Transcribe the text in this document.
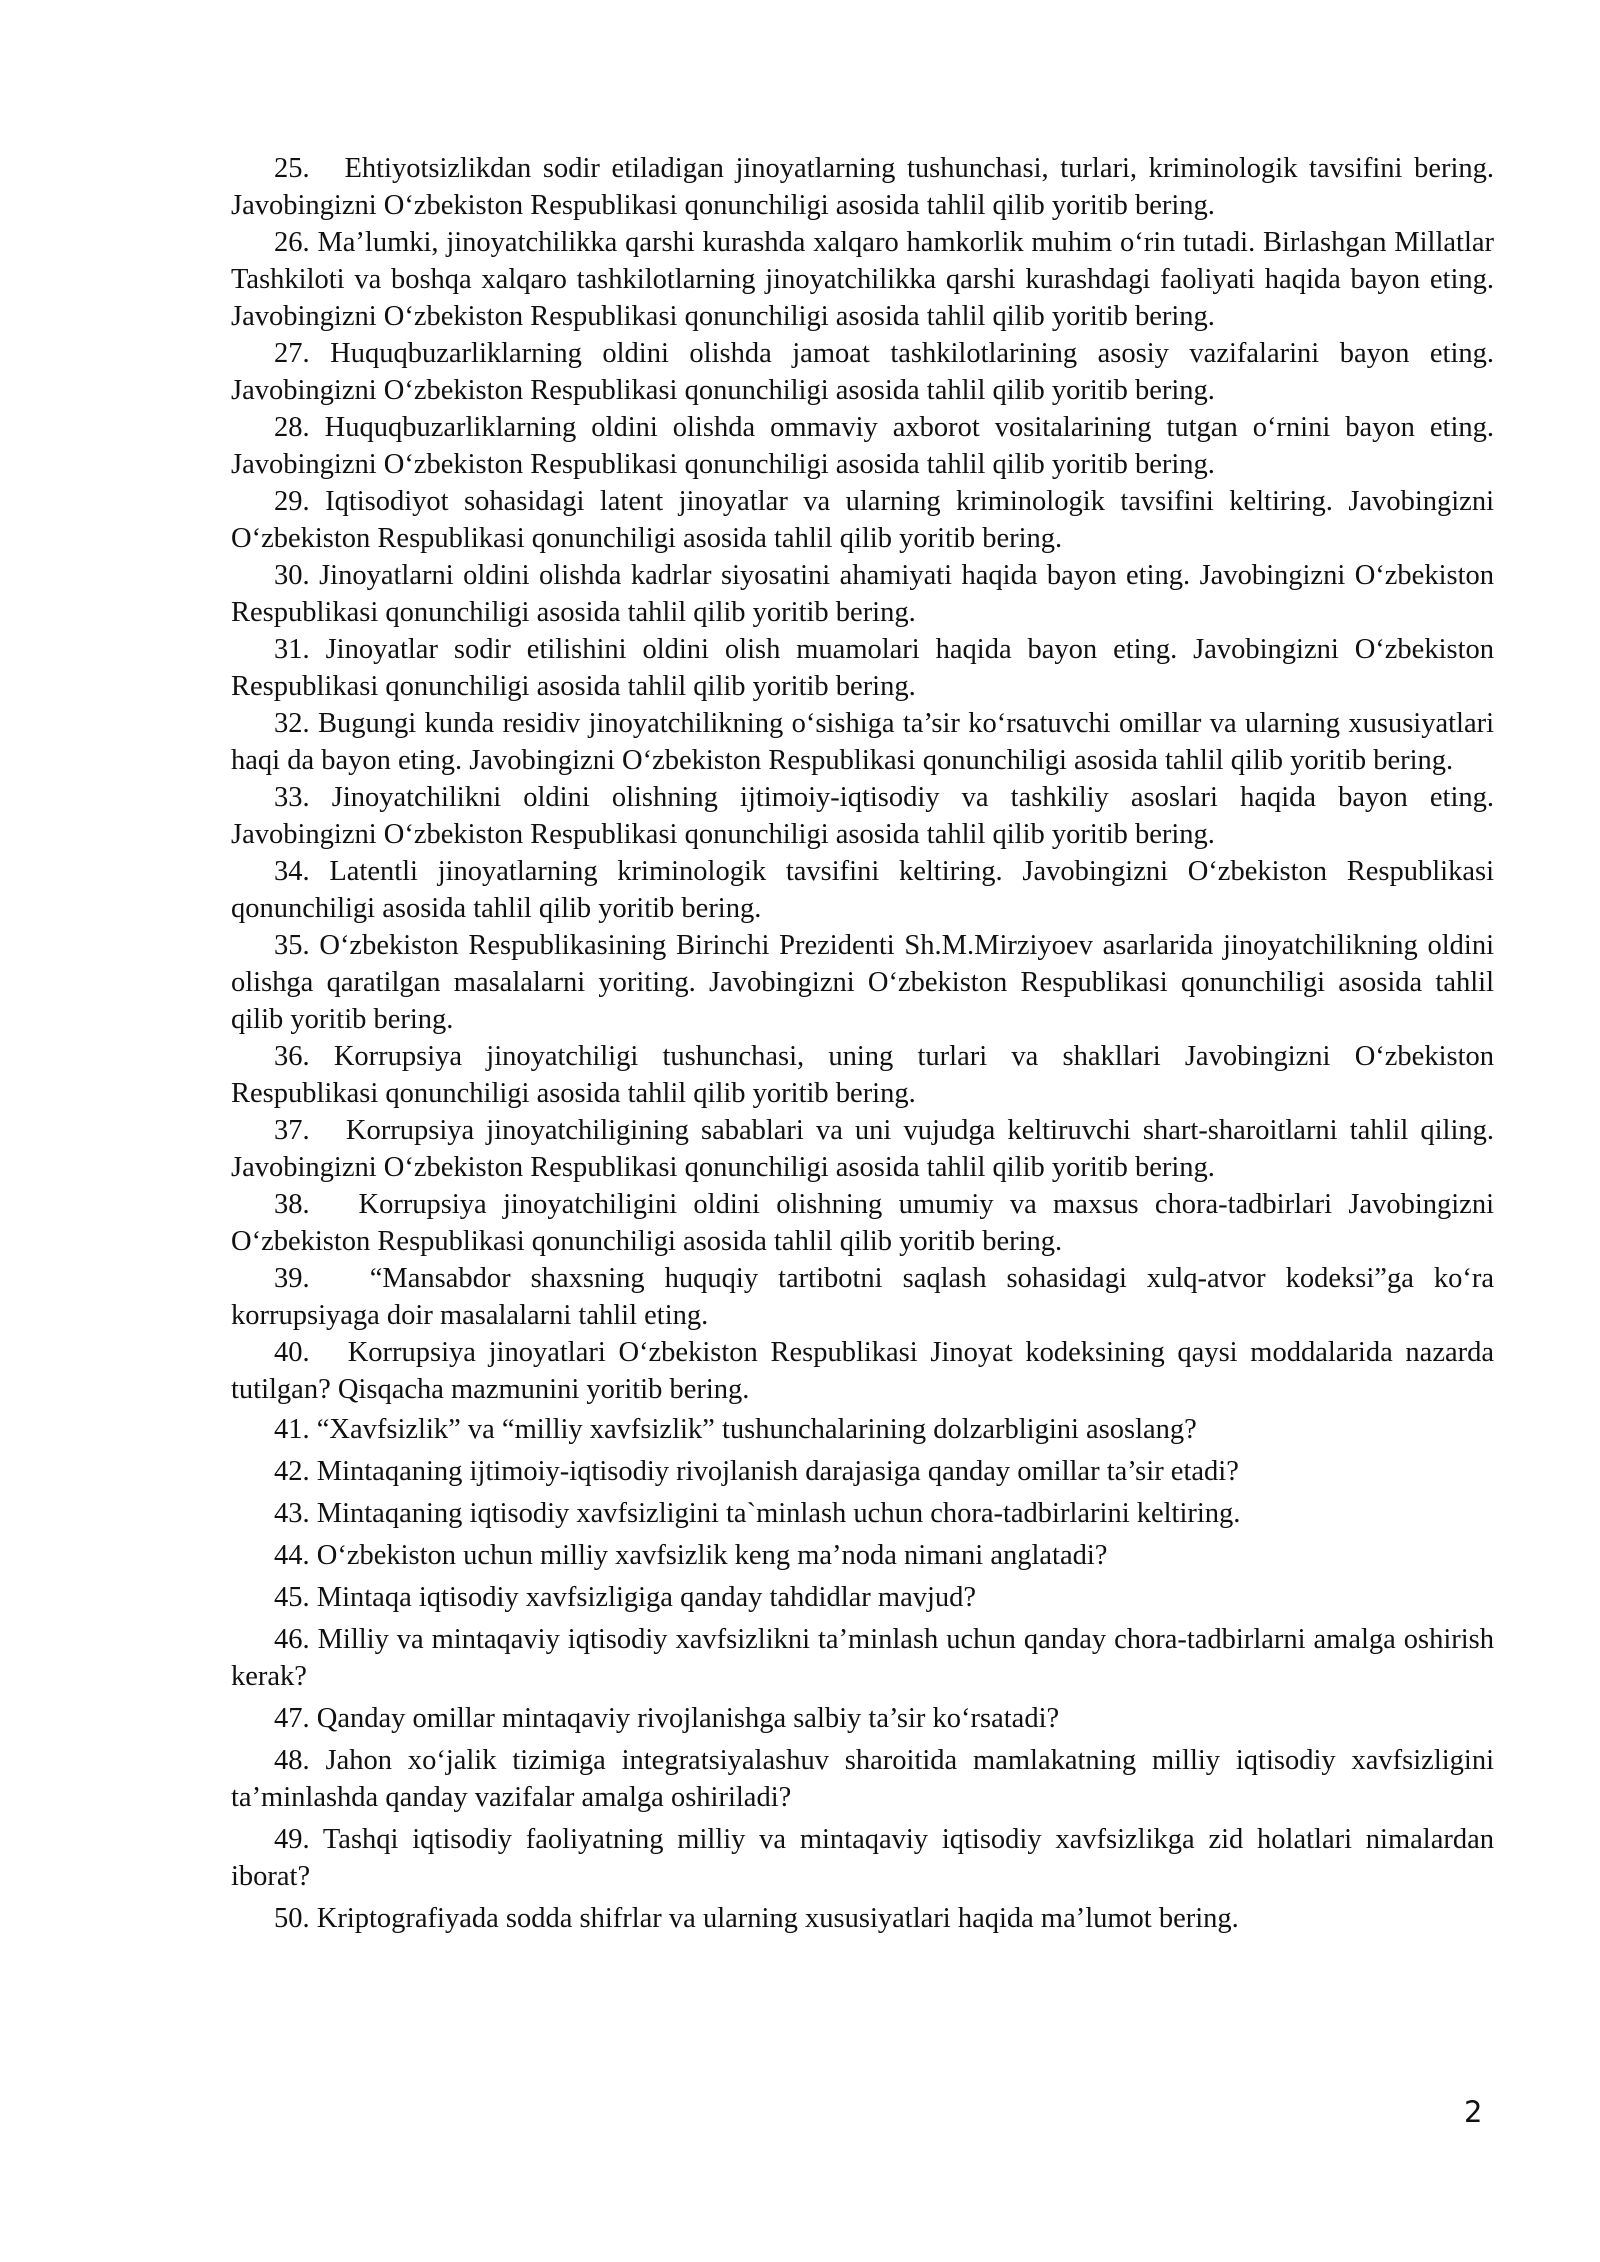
25. Ehtiyotsizlikdan sodir etiladigan jinoyatlarning tushunchasi, turlari, kriminologik tavsifini bering. Javobingizni O‘zbekiston Respublikasi qonunchiligi asosida tahlil qilib yoritib bering.

26. Ma’lumki, jinoyatchilikka qarshi kurashda xalqaro hamkorlik muhim o‘rin tutadi. Birlashgan Millatlar Tashkiloti va boshqa xalqaro tashkilotlarning jinoyatchilikka qarshi kurashdagi faoliyati haqida bayon eting. Javobingizni O‘zbekiston Respublikasi qonunchiligi asosida tahlil qilib yoritib bering.

27. Huquqbuzarliklarning oldini olishda jamoat tashkilotlarining asosiy vazifalarini bayon eting. Javobingizni O‘zbekiston Respublikasi qonunchiligi asosida tahlil qilib yoritib bering.

28. Huquqbuzarliklarning oldini olishda ommaviy axborot vositalarining tutgan o‘rnini bayon eting. Javobingizni O‘zbekiston Respublikasi qonunchiligi asosida tahlil qilib yoritib bering.

29. Iqtisodiyot sohasidagi latent jinoyatlar va ularning kriminologik tavsifini keltiring. Javobingizni O‘zbekiston Respublikasi qonunchiligi asosida tahlil qilib yoritib bering.

30. Jinoyatlarni oldini olishda kadrlar siyosatini ahamiyati haqida bayon eting. Javobingizni O‘zbekiston Respublikasi qonunchiligi asosida tahlil qilib yoritib bering.

31. Jinoyatlar sodir etilishini oldini olish muamolari haqida bayon eting. Javobingizni O‘zbekiston Respublikasi qonunchiligi asosida tahlil qilib yoritib bering.

32. Bugungi kunda residiv jinoyatchilikning o‘sishiga ta’sir ko‘rsatuvchi omillar va ularning xususiyatlari haqi da bayon eting. Javobingizni O‘zbekiston Respublikasi qonunchiligi asosida tahlil qilib yoritib bering.

33. Jinoyatchilikni oldini olishning ijtimoiy-iqtisodiy va tashkiliy asoslari haqida bayon eting. Javobingizni O‘zbekiston Respublikasi qonunchiligi asosida tahlil qilib yoritib bering.

34. Latentli jinoyatlarning kriminologik tavsifini keltiring. Javobingizni O‘zbekiston Respublikasi qonunchiligi asosida tahlil qilib yoritib bering.

35. O‘zbekiston Respublikasining Birinchi Prezidenti Sh.M.Mirziyoev asarlarida jinoyatchilikning oldini olishga qaratilgan masalalarni yoriting. Javobingizni O‘zbekiston Respublikasi qonunchiligi asosida tahlil qilib yoritib bering.

36. Korrupsiya jinoyatchiligi tushunchasi, uning turlari va shakllari Javobingizni O‘zbekiston Respublikasi qonunchiligi asosida tahlil qilib yoritib bering.

37. Korrupsiya jinoyatchiligining sabablari va uni vujudga keltiruvchi shart-sharoitlarni tahlil qiling. Javobingizni O‘zbekiston Respublikasi qonunchiligi asosida tahlil qilib yoritib bering.

38. Korrupsiya jinoyatchiligini oldini olishning umumiy va maxsus chora-tadbirlari Javobingizni O‘zbekiston Respublikasi qonunchiligi asosida tahlil qilib yoritib bering.

39. “Mansabdor shaxsning huquqiy tartibotni saqlash sohasidagi xulq-atvor kodeksi”ga ko‘ra korrupsiyaga doir masalalarni tahlil eting.

40. Korrupsiya jinoyatlari O‘zbekiston Respublikasi Jinoyat kodeksining qaysi moddalarida nazarda tutilgan? Qisqacha mazmunini yoritib bering.

41. “Xavfsizlik” va “milliy xavfsizlik” tushunchalarining dolzarbligini asoslang?

42. Mintaqaning ijtimoiy-iqtisodiy rivojlanish darajasiga qanday omillar ta’sir etadi?

43. Mintaqaning iqtisodiy xavfsizligini ta`minlash uchun chora-tadbirlarini keltiring.

44. O‘zbekiston uchun milliy xavfsizlik keng ma’noda nimani anglatadi?

45. Mintaqa iqtisodiy xavfsizligiga qanday tahdidlar mavjud?

46. Milliy va mintaqaviy iqtisodiy xavfsizlikni ta’minlash uchun qanday chora-tadbirlarni amalga oshirish kerak?

47. Qanday omillar mintaqaviy rivojlanishga salbiy ta’sir ko‘rsatadi?

48. Jahon xo‘jalik tizimiga integratsiyalashuv sharoitida mamlakatning milliy iqtisodiy xavfsizligini ta’minlashda qanday vazifalar amalga oshiriladi?

49. Tashqi iqtisodiy faoliyatning milliy va mintaqaviy iqtisodiy xavfsizlikga zid holatlari nimalardan iborat?

50. Kriptografiyada sodda shifrlar va ularning xususiyatlari haqida ma’lumot bering.

2
